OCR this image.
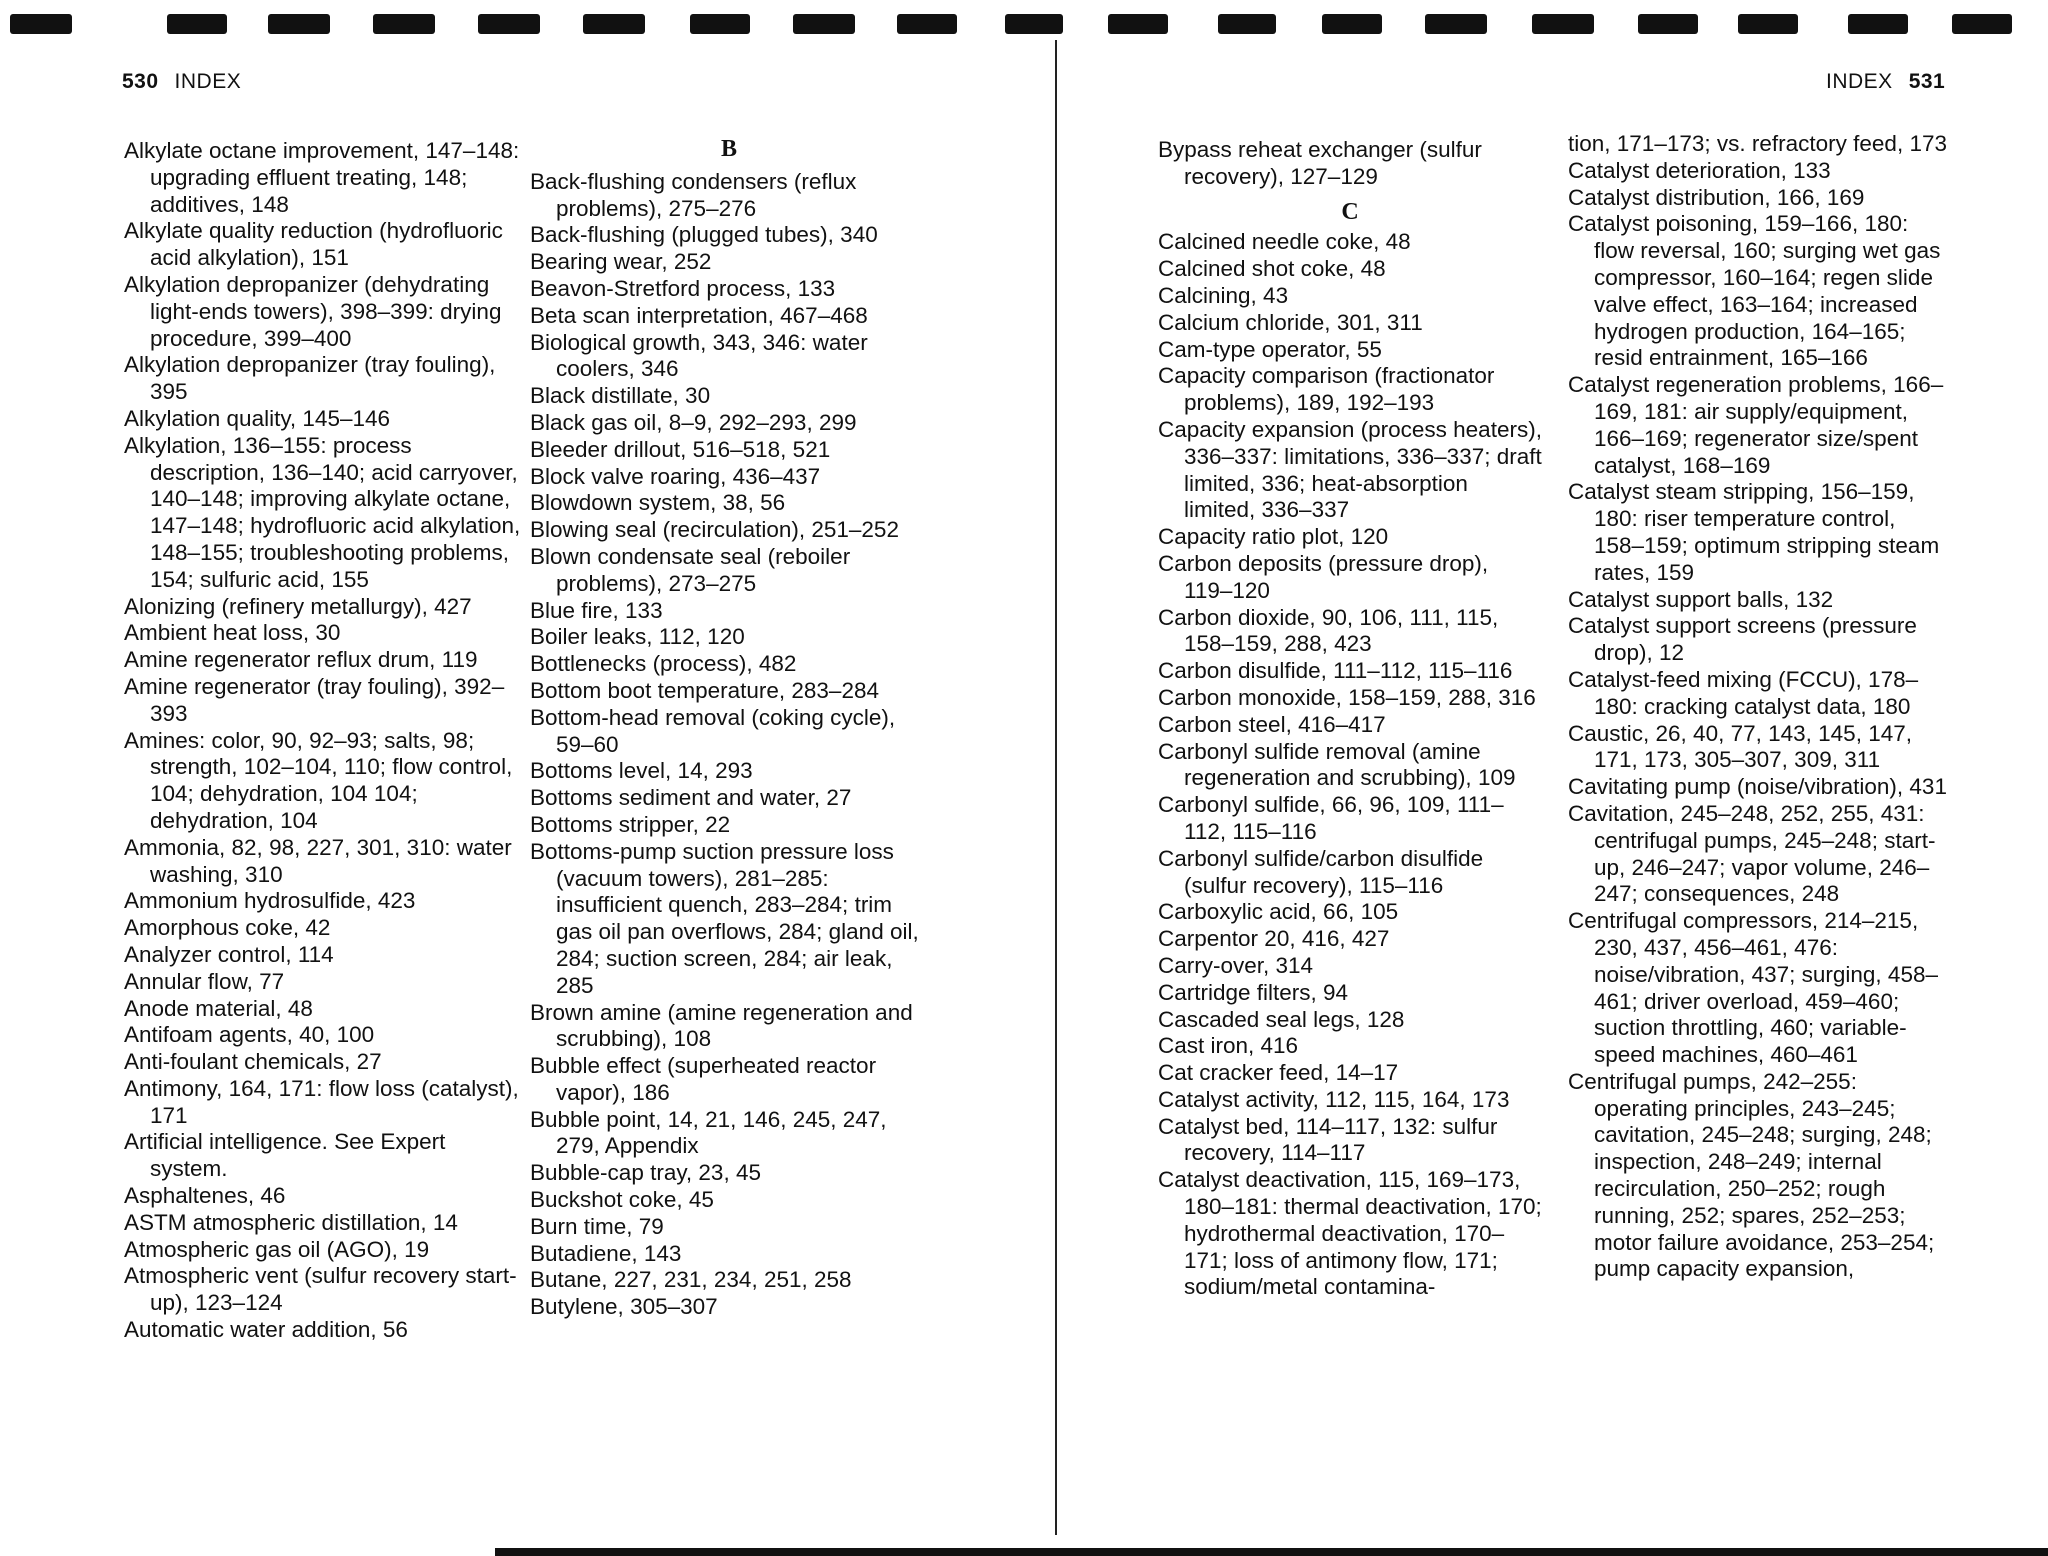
530 INDEX	INDEX 531
Alkylate octane improvement, 147–148: upgrading effluent treating, 148; additives, 148
Alkylate quality reduction (hydrofluoric acid alkylation), 151
Alkylation depropanizer (dehydrating light-ends towers), 398–399: drying procedure, 399–400
Alkylation depropanizer (tray fouling), 395
Alkylation quality, 145–146
Alkylation, 136–155: process description, 136–140; acid carryover, 140–148; improving alkylate octane, 147–148; hydrofluoric acid alkylation, 148–155; troubleshooting problems, 154; sulfuric acid, 155
Alonizing (refinery metallurgy), 427
Ambient heat loss, 30
Amine regenerator reflux drum, 119
Amine regenerator (tray fouling), 392–393
Amines: color, 90, 92–93; salts, 98; strength, 102–104, 110; flow control, 104; dehydration, 104 104; dehydration, 104
Ammonia, 82, 98, 227, 301, 310: water washing, 310
Ammonium hydrosulfide, 423
Amorphous coke, 42
Analyzer control, 114
Annular flow, 77
Anode material, 48
Antifoam agents, 40, 100
Anti-foulant chemicals, 27
Antimony, 164, 171: flow loss (catalyst), 171
Artificial intelligence. See Expert system.
Asphaltenes, 46
ASTM atmospheric distillation, 14
Atmospheric gas oil (AGO), 19
Atmospheric vent (sulfur recovery start-up), 123–124
Automatic water addition, 56
B
Back-flushing condensers (reflux problems), 275–276
Back-flushing (plugged tubes), 340
Bearing wear, 252
Beavon-Stretford process, 133
Beta scan interpretation, 467–468
Biological growth, 343, 346: water coolers, 346
Black distillate, 30
Black gas oil, 8–9, 292–293, 299
Bleeder drillout, 516–518, 521
Block valve roaring, 436–437
Blowdown system, 38, 56
Blowing seal (recirculation), 251–252
Blown condensate seal (reboiler problems), 273–275
Blue fire, 133
Boiler leaks, 112, 120
Bottlenecks (process), 482
Bottom boot temperature, 283–284
Bottom-head removal (coking cycle), 59–60
Bottoms level, 14, 293
Bottoms sediment and water, 27
Bottoms stripper, 22
Bottoms-pump suction pressure loss (vacuum towers), 281–285: insufficient quench, 283–284; trim gas oil pan overflows, 284; gland oil, 284; suction screen, 284; air leak, 285
Brown amine (amine regeneration and scrubbing), 108
Bubble effect (superheated reactor vapor), 186
Bubble point, 14, 21, 146, 245, 247, 279, Appendix
Bubble-cap tray, 23, 45
Buckshot coke, 45
Burn time, 79
Butadiene, 143
Butane, 227, 231, 234, 251, 258
Butylene, 305–307
Bypass reheat exchanger (sulfur recovery), 127–129
C
Calcined needle coke, 48
Calcined shot coke, 48
Calcining, 43
Calcium chloride, 301, 311
Cam-type operator, 55
Capacity comparison (fractionator problems), 189, 192–193
Capacity expansion (process heaters), 336–337: limitations, 336–337; draft limited, 336; heat-absorption limited, 336–337
Capacity ratio plot, 120
Carbon deposits (pressure drop), 119–120
Carbon dioxide, 90, 106, 111, 115, 158–159, 288, 423
Carbon disulfide, 111–112, 115–116
Carbon monoxide, 158–159, 288, 316
Carbon steel, 416–417
Carbonyl sulfide removal (amine regeneration and scrubbing), 109
Carbonyl sulfide, 66, 96, 109, 111–112, 115–116
Carbonyl sulfide/carbon disulfide (sulfur recovery), 115–116
Carboxylic acid, 66, 105
Carpentor 20, 416, 427
Carry-over, 314
Cartridge filters, 94
Cascaded seal legs, 128
Cast iron, 416
Cat cracker feed, 14–17
Catalyst activity, 112, 115, 164, 173
Catalyst bed, 114–117, 132: sulfur recovery, 114–117
Catalyst deactivation, 115, 169–173, 180–181: thermal deactivation, 170; hydrothermal deactivation, 170–171; loss of antimony flow, 171; sodium/metal contamina-
tion, 171–173; vs. refractory feed, 173
Catalyst deterioration, 133
Catalyst distribution, 166, 169
Catalyst poisoning, 159–166, 180: flow reversal, 160; surging wet gas compressor, 160–164; regen slide valve effect, 163–164; increased hydrogen production, 164–165; resid entrainment, 165–166
Catalyst regeneration problems, 166–169, 181: air supply/equipment, 166–169; regenerator size/spent catalyst, 168–169
Catalyst steam stripping, 156–159, 180: riser temperature control, 158–159; optimum stripping steam rates, 159
Catalyst support balls, 132
Catalyst support screens (pressure drop), 12
Catalyst-feed mixing (FCCU), 178–180: cracking catalyst data, 180
Caustic, 26, 40, 77, 143, 145, 147, 171, 173, 305–307, 309, 311
Cavitating pump (noise/vibration), 431
Cavitation, 245–248, 252, 255, 431: centrifugal pumps, 245–248; start-up, 246–247; vapor volume, 246–247; consequences, 248
Centrifugal compressors, 214–215, 230, 437, 456–461, 476: noise/vibration, 437; surging, 458–461; driver overload, 459–460; suction throttling, 460; variable-speed machines, 460–461
Centrifugal pumps, 242–255: operating principles, 243–245; cavitation, 245–248; surging, 248; inspection, 248–249; internal recirculation, 250–252; rough running, 252; spares, 252–253; motor failure avoidance, 253–254; pump capacity expansion,
